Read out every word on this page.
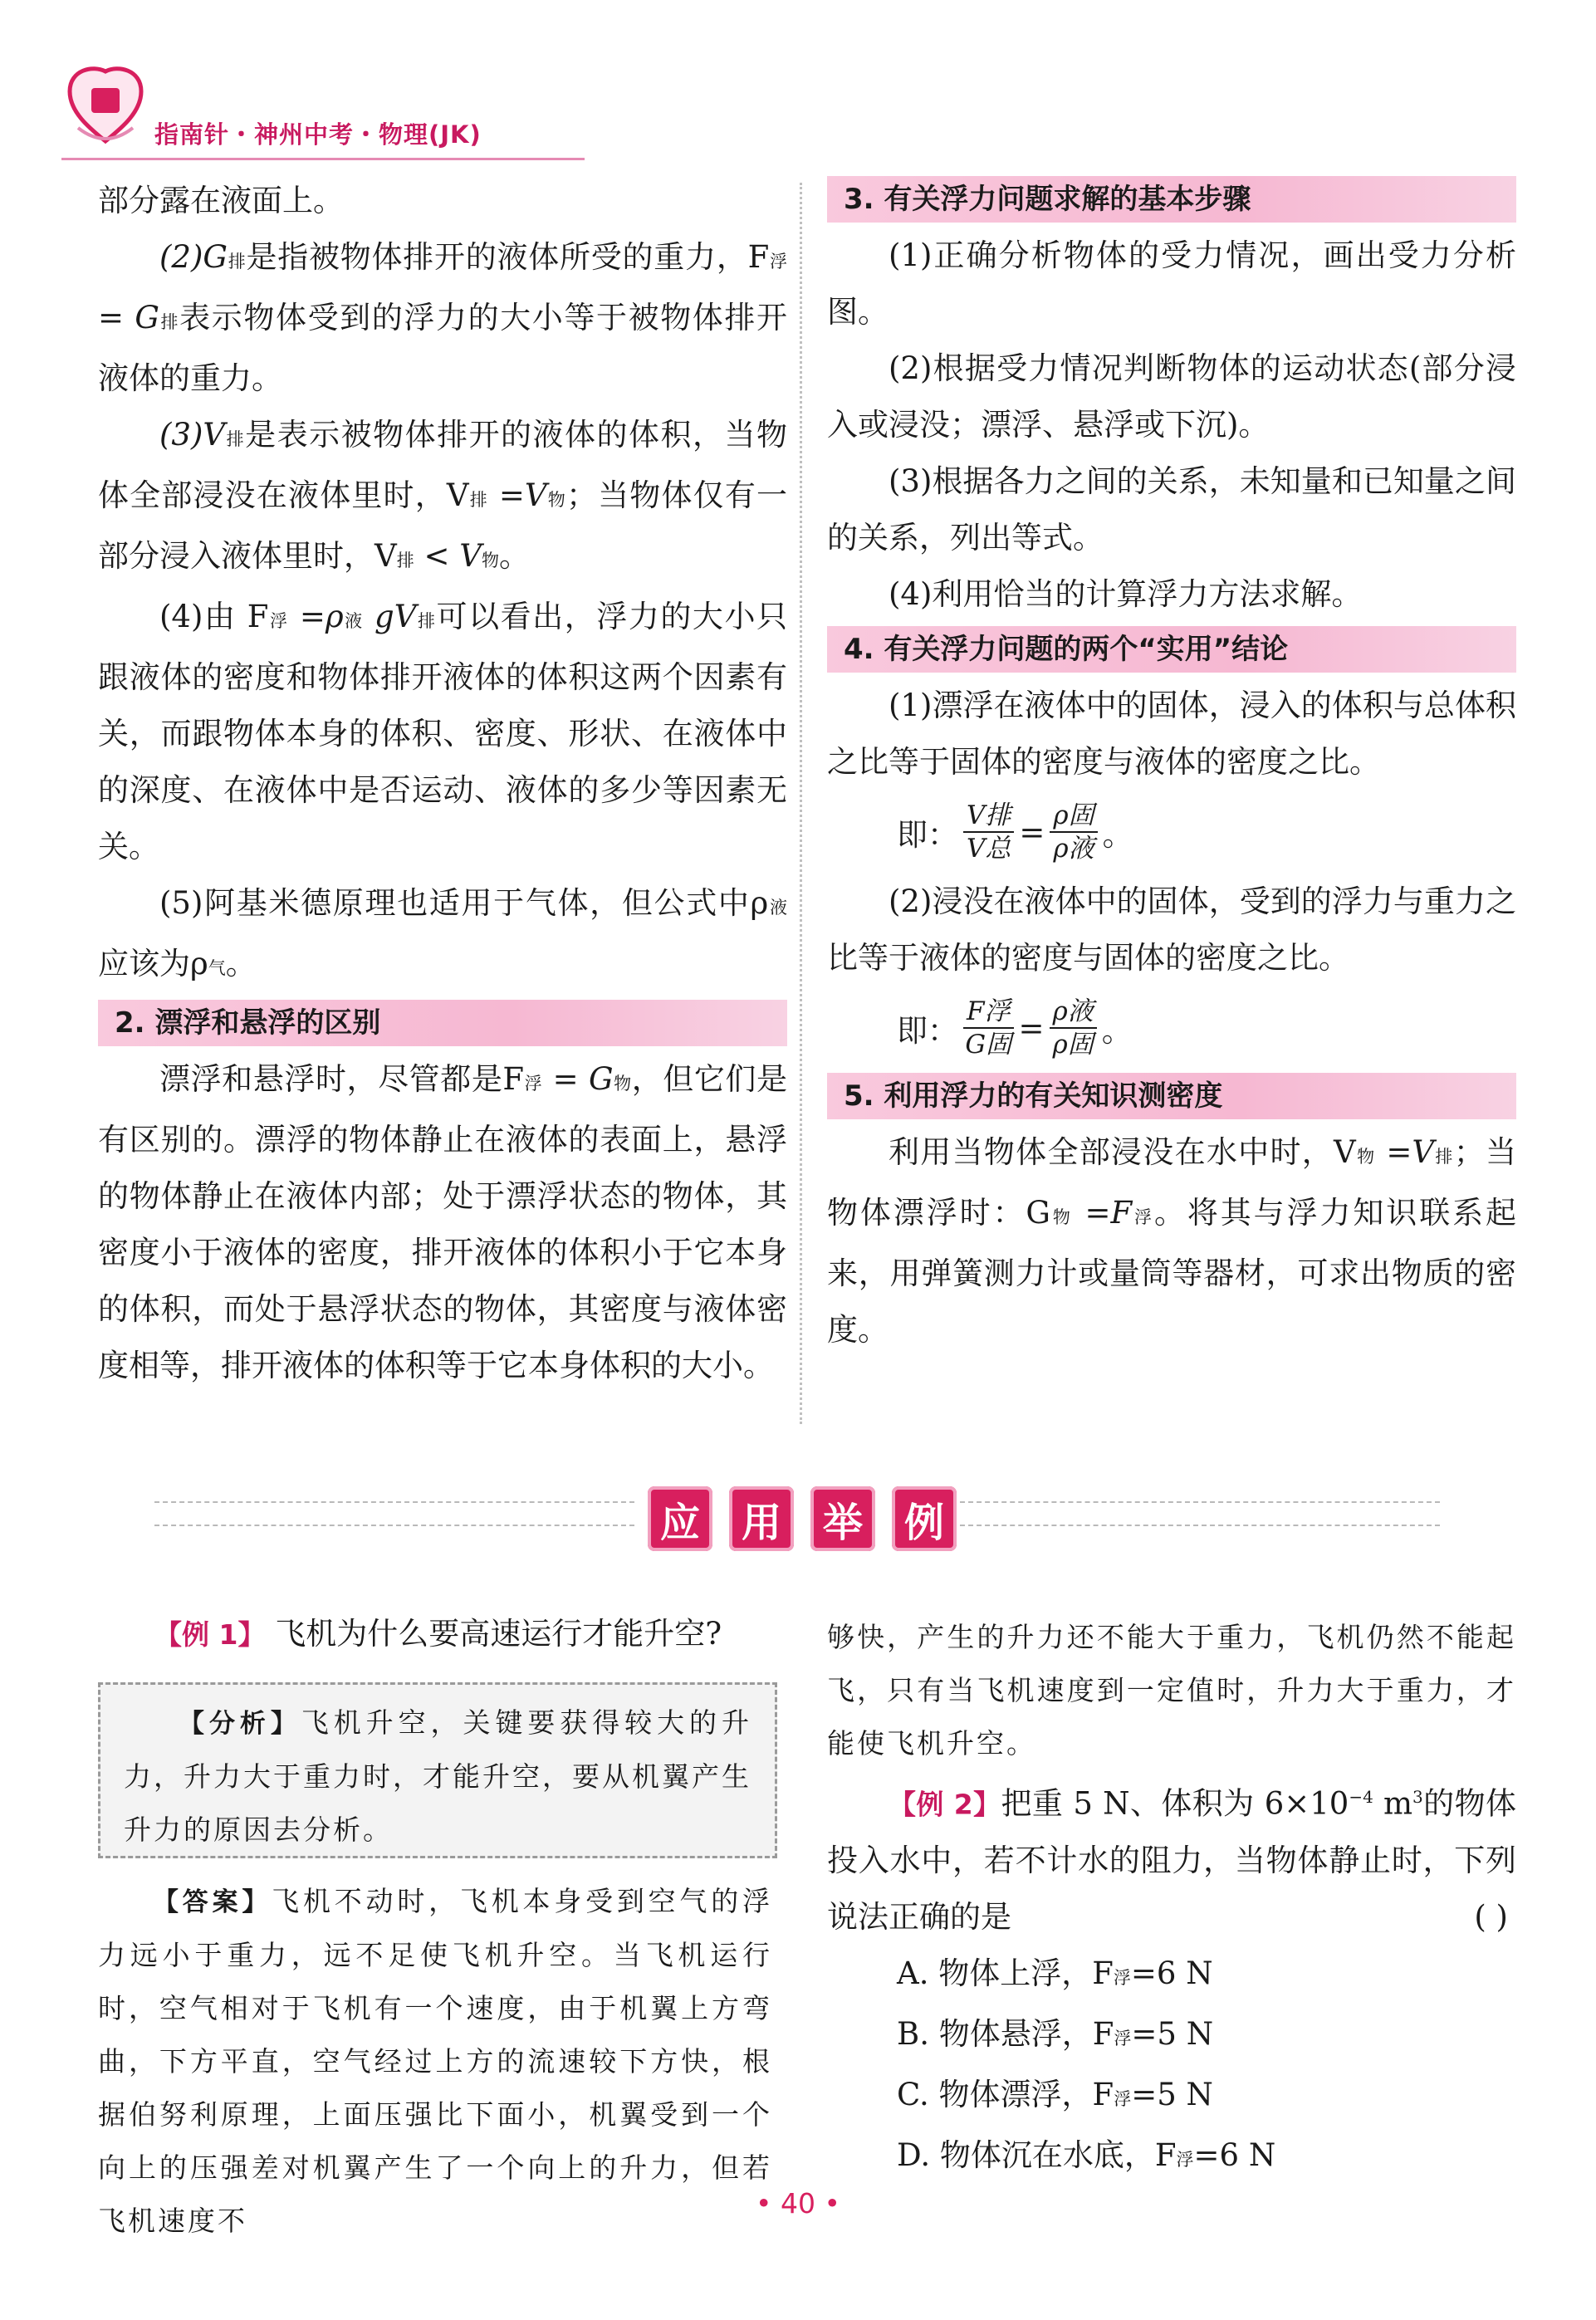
指南针・神州中考・物理(JK)

部分露在液面上。

(2)G排是指被物体排开的液体所受的重力，F浮 = G排表示物体受到的浮力的大小等于被物体排开液体的重力。

(3)V排是表示被物体排开的液体的体积，当物体全部浸没在液体里时，V排 =V物；当物体仅有一部分浸入液体里时，V排 < V物。

(4)由 F浮 =ρ液 gV排可以看出，浮力的大小只跟液体的密度和物体排开液体的体积这两个因素有关，而跟物体本身的体积、密度、形状、在液体中的深度、在液体中是否运动、液体的多少等因素无关。

(5)阿基米德原理也适用于气体，但公式中ρ液应该为ρ气。

2. 漂浮和悬浮的区别

漂浮和悬浮时，尽管都是F浮 = G物，但它们是有区别的。漂浮的物体静止在液体的表面上，悬浮的物体静止在液体内部；处于漂浮状态的物体，其密度小于液体的密度，排开液体的体积小于它本身的体积，而处于悬浮状态的物体，其密度与液体密度相等，排开液体的体积等于它本身体积的大小。

3. 有关浮力问题求解的基本步骤

(1)正确分析物体的受力情况，画出受力分析图。

(2)根据受力情况判断物体的运动状态(部分浸入或浸没；漂浮、悬浮或下沉)。

(3)根据各力之间的关系，未知量和已知量之间的关系，列出等式。

(4)利用恰当的计算浮力方法求解。

4. 有关浮力问题的两个“实用”结论

(1)漂浮在液体中的固体，浸入的体积与总体积之比等于固体的密度与液体的密度之比。

即： $\frac{\text{V排}}{\text{V总}} = \frac{\text{ρ固}}{\text{ρ液}}$ 。

(2)浸没在液体中的固体，受到的浮力与重力之比等于液体的密度与固体的密度之比。

即： $\frac{\text{F浮}}{\text{G固}} = \frac{\text{ρ液}}{\text{ρ固}}$ 。
5. 利用浮力的有关知识测密度

利用当物体全部浸没在水中时，V物 =V排；当物体漂浮时：G物 =F浮。将其与浮力知识联系起来，用弹簧测力计或量筒等器材，可求出物质的密度。

应	用	举	例
【例 1】 飞机为什么要高速运行才能升空?

【分析】飞机升空，关键要获得较大的升力，升力大于重力时，才能升空，要从机翼产生升力的原因去分析。

【答案】飞机不动时，飞机本身受到空气的浮力远小于重力，远不足使飞机升空。当飞机运行时，空气相对于飞机有一个速度，由于机翼上方弯曲，下方平直，空气经过上方的流速较下方快，根据伯努利原理，上面压强比下面小，机翼受到一个向上的压强差对机翼产生了一个向上的升力，但若飞机速度不

够快，产生的升力还不能大于重力，飞机仍然不能起飞，只有当飞机速度到一定值时，升力大于重力，才能使飞机升空。

【例 2】把重 5 N、体积为 $6\times 10^{-4}$ $m^3$的物体投入水中，若不计水的阻力，当物体静止时，下列说法正确的是	( )

A. 物体上浮，F浮=6 N
B. 物体悬浮，F浮=5 N
C. 物体漂浮，F浮=5 N
D. 物体沉在水底，F浮=6 N
• 40 •
